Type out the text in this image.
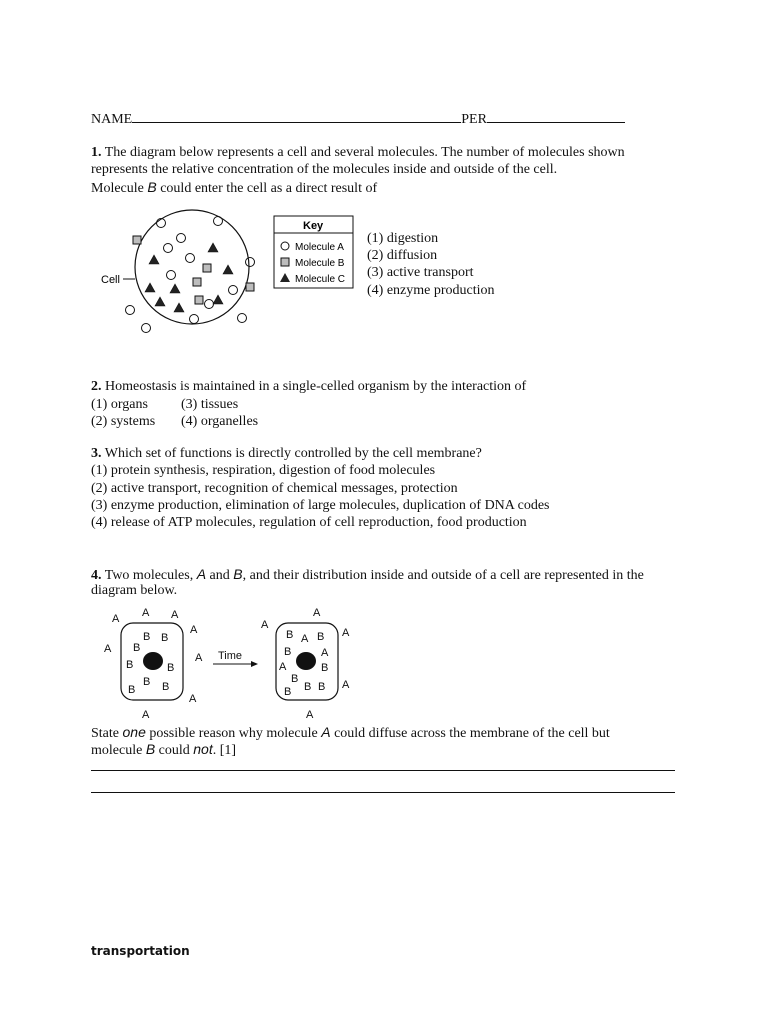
NAME	PER
1. The diagram below represents a cell and several molecules. The number of molecules shown
represents the relative concentration of the molecules inside and outside of the cell.
Molecule B could enter the cell as a direct result of
Cell
Key
Molecule A
Molecule B
Molecule C
(1) digestion
(2) diffusion
(3) active transport
(4) enzyme production
2. Homeostasis is maintained in a single-celled organism by the interaction of
(1) organs (3) tissues
(2) systems (4) organelles
3. Which set of functions is directly controlled by the cell membrane?
(1) protein synthesis, respiration, digestion of food molecules
(2) active transport, recognition of chemical messages, protection
(3) enzyme production, elimination of large molecules, duplication of DNA codes
(4) release of ATP molecules, regulation of cell reproduction, food production
4. Two molecules, A and B, and their distribution inside and outside of a cell are represented in the
diagram below.
A A A
A
A
A
A
A
B B
B
B	B
B B
B
Time
A
A
A
A
A
A
A
A
B B
B
B
B
B B
B
State one possible reason why molecule A could diffuse across the membrane of the cell but
molecule B could not. [1]
transportation
